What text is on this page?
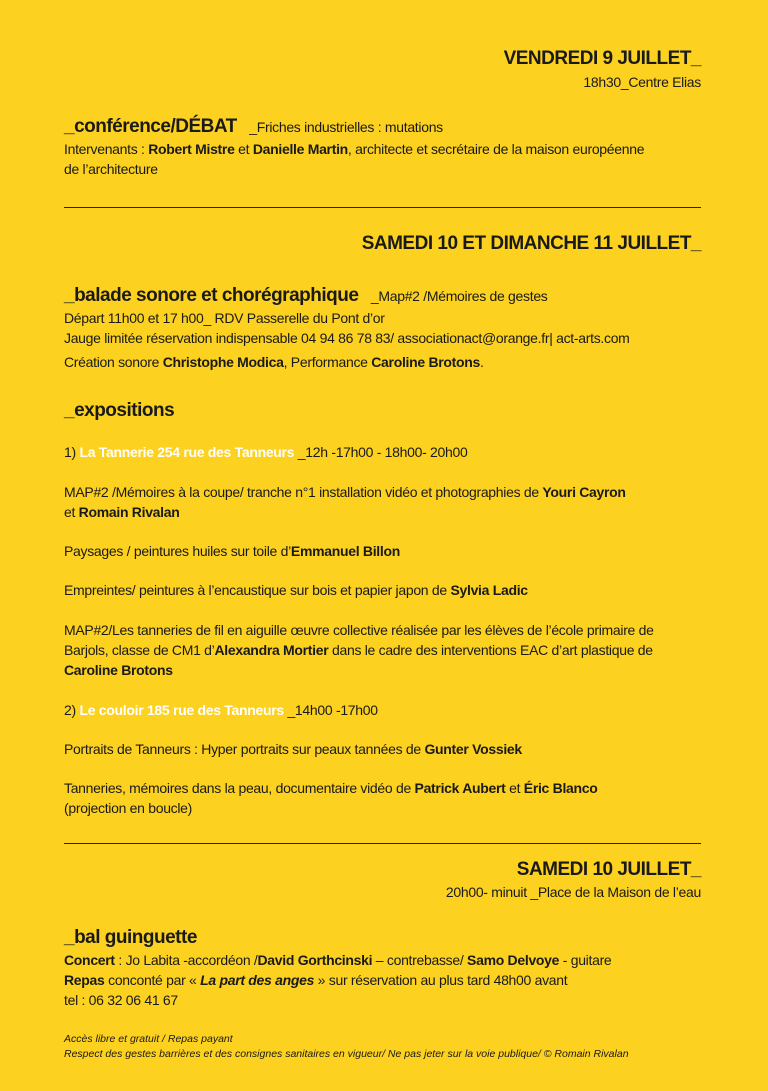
VENDREDI 9 JUILLET_
18h30_Centre Elias
_conférence/DÉBAT _Friches industrielles : mutations
Intervenants : Robert Mistre et Danielle Martin, architecte et secrétaire de la maison européenne
de l’architecture
SAMEDI 10 ET DIMANCHE 11 JUILLET_
_balade sonore et chorégraphique _Map#2 /Mémoires de gestes
Départ 11h00 et 17 h00_ RDV Passerelle du Pont d’or
Jauge limitée réservation indispensable 04 94 86 78 83/ associationact@orange.fr| act-arts.com
Création sonore Christophe Modica, Performance Caroline Brotons.
_expositions
1) La Tannerie 254 rue des Tanneurs _12h -17h00 - 18h00- 20h00
MAP#2 /Mémoires à la coupe/ tranche n°1 installation vidéo et photographies de Youri Cayron
et Romain Rivalan
Paysages / peintures huiles sur toile d’Emmanuel Billon
Empreintes/ peintures à l’encaustique sur bois et papier japon de Sylvia Ladic
MAP#2/Les tanneries de fil en aiguille œuvre collective réalisée par les élèves de l’école primaire de
Barjols, classe de CM1 d’Alexandra Mortier dans le cadre des interventions EAC d’art plastique de
Caroline Brotons
2) Le couloir 185 rue des Tanneurs _14h00 -17h00
Portraits de Tanneurs : Hyper portraits sur peaux tannées de Gunter Vossiek
Tanneries, mémoires dans la peau, documentaire vidéo de Patrick Aubert et Éric Blanco
(projection en boucle)
SAMEDI 10 JUILLET_
20h00- minuit _Place de la Maison de l’eau
_bal guinguette
Concert : Jo Labita -accordéon /David Gorthcinski – contrebasse/ Samo Delvoye - guitare
Repas conconté par « La part des anges » sur réservation au plus tard 48h00 avant
tel : 06 32 06 41 67
Accès libre et gratuit / Repas payant
Respect des gestes barrières et des consignes sanitaires en vigueur/ Ne pas jeter sur la voie publique/ © Romain Rivalan
